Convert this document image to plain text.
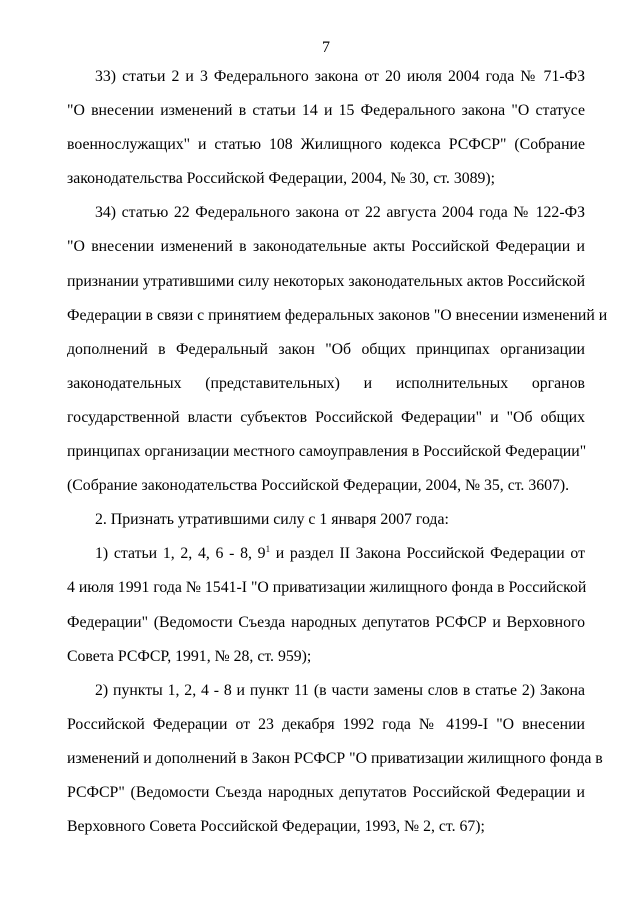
7
33) статьи 2 и 3 Федерального закона от 20 июля 2004 года № 71-ФЗ
"О внесении изменений в статьи 14 и 15 Федерального закона "О статусе
военнослужащих" и статью 108 Жилищного кодекса РСФСР" (Собрание
законодательства Российской Федерации, 2004, № 30, ст. 3089);
34) статью 22 Федерального закона от 22 августа 2004 года № 122-ФЗ
"О внесении изменений в законодательные акты Российской Федерации и
признании утратившими силу некоторых законодательных актов Российской
Федерации в связи с принятием федеральных законов "О внесении изменений и
дополнений в Федеральный закон "Об общих принципах организации
законодательных (представительных) и исполнительных органов
государственной власти субъектов Российской Федерации" и "Об общих
принципах организации местного самоуправления в Российской Федерации"
(Собрание законодательства Российской Федерации, 2004, № 35, ст. 3607).
2. Признать утратившими силу с 1 января 2007 года:
1) статьи 1, 2, 4, 6 - 8, $9^1$ и раздел II Закона Российской Федерации от
4 июля 1991 года № 1541-I "О приватизации жилищного фонда в Российской
Федерации" (Ведомости Съезда народных депутатов РСФСР и Верховного
Совета РСФСР, 1991, № 28, ст. 959);
2) пункты 1, 2, 4 - 8 и пункт 11 (в части замены слов в статье 2) Закона
Российской Федерации от 23 декабря 1992 года № 4199-I "О внесении
изменений и дополнений в Закон РСФСР "О приватизации жилищного фонда в
РСФСР" (Ведомости Съезда народных депутатов Российской Федерации и
Верховного Совета Российской Федерации, 1993, № 2, ст. 67);
